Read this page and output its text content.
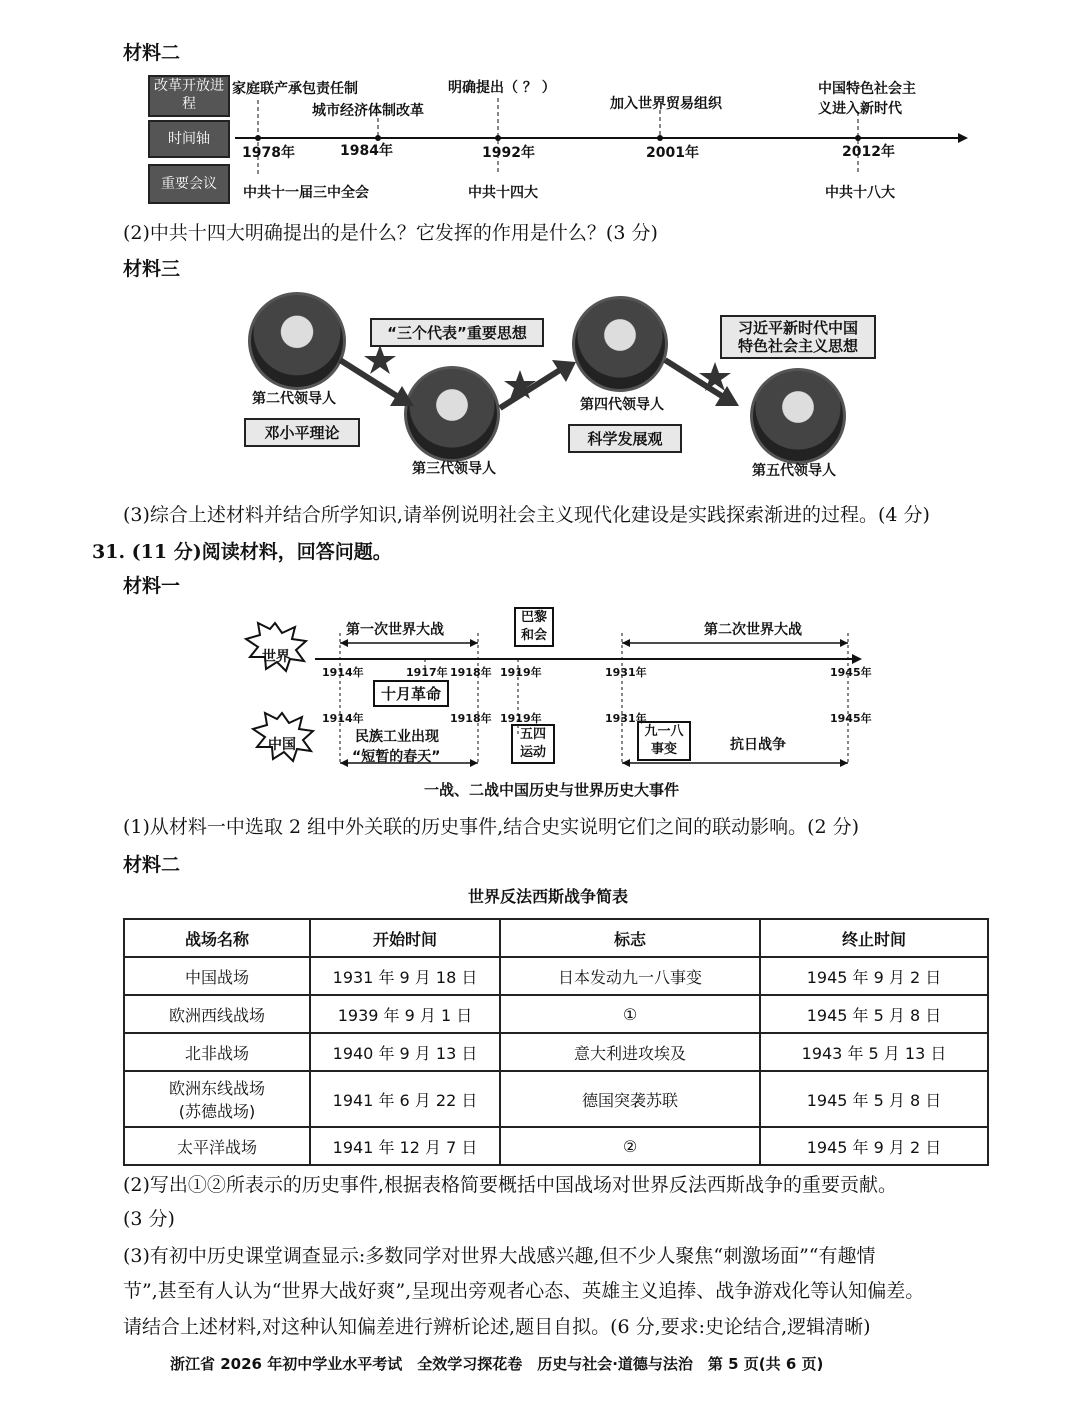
材料二
改革开放进程
时间轴
重要会议
家庭联产承包责任制
城市经济体制改革
明确提出（ ？ ）
加入世界贸易组织
中国特色社会主
义进入新时代
1978年	1984年	1992年	2001年	2012年
中共十一届三中全会	中共十四大	中共十八大
(2)中共十四大明确提出的是什么？它发挥的作用是什么？(3 分)
材料三
第二代领导人
邓小平理论
“三个代表”重要思想
第三代领导人
第四代领导人
科学发展观
习近平新时代中国
特色社会主义思想
第五代领导人
(3)综合上述材料并结合所学知识,请举例说明社会主义现代化建设是实践探索渐进的过程。(4 分)
31. (11 分)阅读材料，回答问题。
材料一
世界
中国
第一次世界大战	第二次世界大战
巴黎
和会
1914年	1917年 1918年 1919年	1931年	1945年
十月革命
1914年	1918年 1919年	1931年	1945年
民族工业出现
“短暂的春天”
五四
运动
九一八
事变	抗日战争
一战、二战中国历史与世界历史大事件
(1)从材料一中选取 2 组中外关联的历史事件,结合史实说明它们之间的联动影响。(2 分)
材料二
世界反法西斯战争简表
战场名称	开始时间	标志	终止时间
中国战场	1931 年 9 月 18 日	日本发动九一八事变	1945 年 9 月 2 日
欧洲西线战场	1939 年 9 月 1 日	①	1945 年 5 月 8 日
北非战场	1940 年 9 月 13 日	意大利进攻埃及	1943 年 5 月 13 日

欧洲东线战场
(苏德战场)	1941 年 6 月 22 日	德国突袭苏联	1945 年 5 月 8 日
太平洋战场	1941 年 12 月 7 日	②	1945 年 9 月 2 日
(2)写出①②所表示的历史事件,根据表格简要概括中国战场对世界反法西斯战争的重要贡献。
(3 分)
(3)有初中历史课堂调查显示:多数同学对世界大战感兴趣,但不少人聚焦“刺激场面”“有趣情
节”,甚至有人认为“世界大战好爽”,呈现出旁观者心态、英雄主义追捧、战争游戏化等认知偏差。
请结合上述材料,对这种认知偏差进行辨析论述,题目自拟。(6 分,要求:史论结合,逻辑清晰)
浙江省 2026 年初中学业水平考试　全效学习探花卷　历史与社会·道德与法治　第 5 页(共 6 页)
